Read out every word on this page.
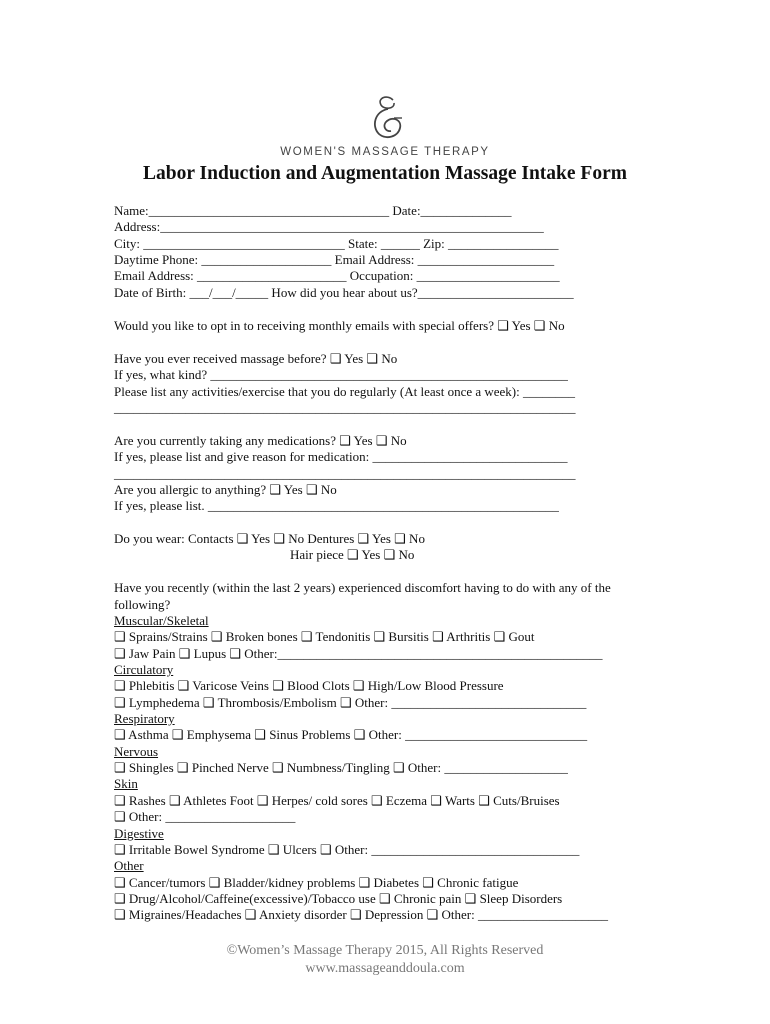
WOMEN'S MASSAGE THERAPY
Labor Induction and Augmentation Massage Intake Form
Name:_____________________________________ Date:______________
Address:___________________________________________________________
City: _______________________________ State: ______ Zip: _________________
Daytime Phone: ____________________ Email Address: _____________________
Email Address: _______________________ Occupation: ______________________
Date of Birth: ___/___/_____ How did you hear about us?________________________
Would you like to opt in to receiving monthly emails with special offers? ❑ Yes ❑ No
Have you ever received massage before? ❑ Yes ❑ No
If yes, what kind? _______________________________________________________
Please list any activities/exercise that you do regularly (At least once a week): ________
_______________________________________________________________________
Are you currently taking any medications? ❑ Yes ❑ No
If yes, please list and give reason for medication: ______________________________
_______________________________________________________________________
Are you allergic to anything? ❑ Yes ❑ No
If yes, please list. ______________________________________________________
Do you wear: Contacts ❑ Yes ❑ No Dentures ❑ Yes ❑ No
Hair piece ❑ Yes ❑ No
Have you recently (within the last 2 years) experienced discomfort having to do with any of the
following?
Muscular/Skeletal
❑ Sprains/Strains ❑ Broken bones ❑ Tendonitis ❑ Bursitis ❑ Arthritis ❑ Gout
❑ Jaw Pain ❑ Lupus ❑ Other:__________________________________________________
Circulatory
❑ Phlebitis ❑ Varicose Veins ❑ Blood Clots ❑ High/Low Blood Pressure
❑ Lymphedema ❑ Thrombosis/Embolism ❑ Other: ______________________________
Respiratory
❑ Asthma ❑ Emphysema ❑ Sinus Problems ❑ Other: ____________________________
Nervous
❑ Shingles ❑ Pinched Nerve ❑ Numbness/Tingling ❑ Other: ___________________
Skin
❑ Rashes ❑ Athletes Foot ❑ Herpes/ cold sores ❑ Eczema ❑ Warts ❑ Cuts/Bruises
❑ Other: ____________________
Digestive
❑ Irritable Bowel Syndrome ❑ Ulcers ❑ Other: ________________________________
Other
❑ Cancer/tumors ❑ Bladder/kidney problems ❑ Diabetes ❑ Chronic fatigue
❑ Drug/Alcohol/Caffeine(excessive)/Tobacco use ❑ Chronic pain ❑ Sleep Disorders
❑ Migraines/Headaches ❑ Anxiety disorder ❑ Depression ❑ Other: ____________________
©Women’s Massage Therapy 2015, All Rights Reserved
www.massageanddoula.com
